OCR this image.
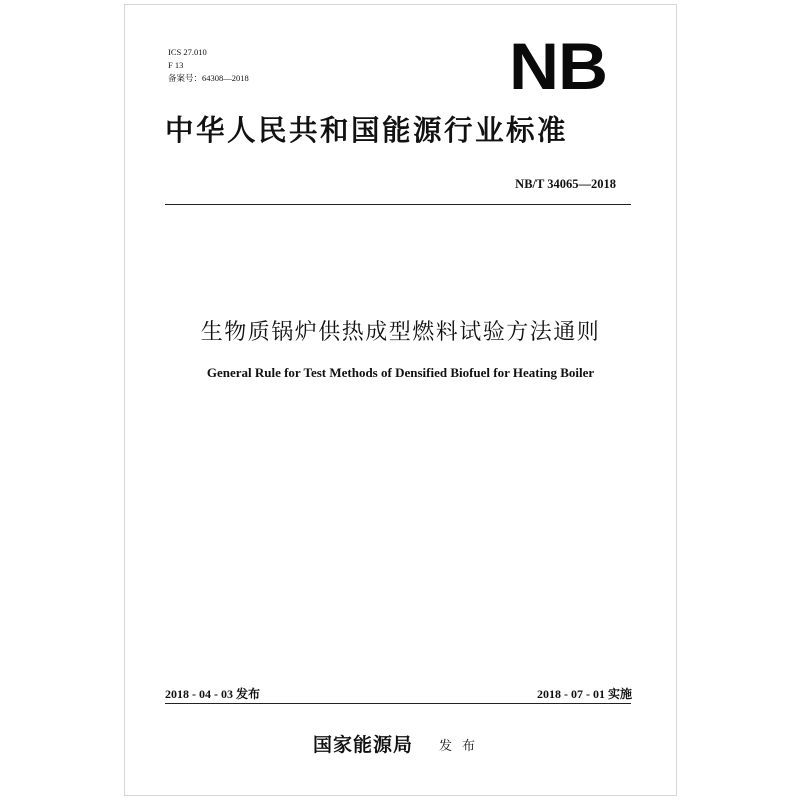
ICS 27.010
F 13
备案号：64308—2018	NB
中华人民共和国能源行业标准
NB/T 34065—2018
生物质锅炉供热成型燃料试验方法通则
General Rule for Test Methods of Densified Biofuel for Heating Boiler
2018 - 04 - 03 发布	2018 - 07 - 01 实施
国家能源局 发布
